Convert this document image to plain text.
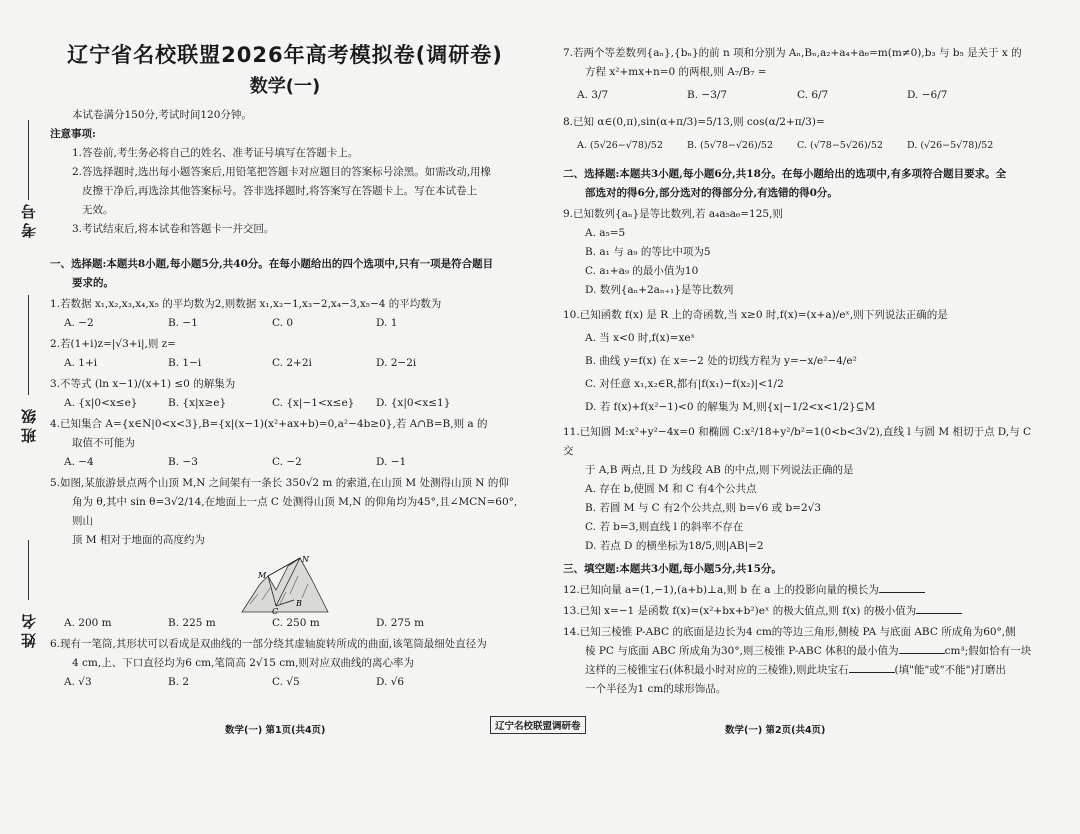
考号
班级
姓名
辽宁省名校联盟2026年高考模拟卷(调研卷)
数学(一)

本试卷满分150分,考试时间120分钟。

注意事项:

1.答卷前,考生务必将自己的姓名、准考证号填写在答题卡上。

2.答选择题时,选出每小题答案后,用铅笔把答题卡对应题目的答案标号涂黑。如需改动,用橡

皮擦干净后,再选涂其他答案标号。答非选择题时,将答案写在答题卡上。写在本试卷上

无效。

3.考试结束后,将本试卷和答题卡一并交回。

一、选择题:本题共8小题,每小题5分,共40分。在每小题给出的四个选项中,只有一项是符合题目

要求的。

1.若数据 x₁,x₂,x₃,x₄,x₅ 的平均数为2,则数据 x₁,x₂−1,x₃−2,x₄−3,x₅−4 的平均数为

A. −2	B. −1	C. 0	D. 1

2.若(1+i)z=|√3+i|,则 z=

A. 1+i	B. 1−i	C. 2+2i	D. 2−2i

3.不等式 (ln x−1)/(x+1) ≤0 的解集为

A. {x|0<x≤e}	B. {x|x≥e}	C. {x|−1<x≤e}	D. {x|0<x≤1}

4.已知集合 A={x∈N|0<x<3},B={x|(x−1)(x²+ax+b)=0,a²−4b≥0},若 A∩B=B,则 a 的

取值不可能为

A. −4	B. −3	C. −2	D. −1

5.如图,某旅游景点两个山顶 M,N 之间架有一条长 350√2 m 的索道,在山顶 M 处测得山顶 N 的仰

角为 θ,其中 sin θ=3√2/14,在地面上一点 C 处测得山顶 M,N 的仰角均为45°,且∠MCN=60°,则山

顶 M 相对于地面的高度约为

N
M
C
B
A. 200 m	B. 225 m	C. 250 m	D. 275 m

6.现有一笔筒,其形状可以看成是双曲线的一部分绕其虚轴旋转所成的曲面,该笔筒最细处直径为

4 cm,上、下口直径均为6 cm,笔筒高 2√15 cm,则对应双曲线的离心率为

A. √3	B. 2	C. √5	D. √6
数学(一) 第1页(共4页)	辽宁名校联盟调研卷

7.若两个等差数列{aₙ},{bₙ}的前 n 项和分别为 Aₙ,Bₙ,a₂+a₄+a₆=m(m≠0),b₃ 与 b₅ 是关于 x 的

方程 x²+mx+n=0 的两根,则 A₇/B₇ =

A. 3/7	B. −3/7	C. 6/7	D. −6/7

8.已知 α∈(0,π),sin(α+π/3)=5/13,则 cos(α/2+π/3)=

A. (5√26−√78)/52	B. (5√78−√26)/52	C. (√78−5√26)/52	D. (√26−5√78)/52

二、选择题:本题共3小题,每小题6分,共18分。在每小题给出的选项中,有多项符合题目要求。全

部选对的得6分,部分选对的得部分分,有选错的得0分。

9.已知数列{aₙ}是等比数列,若 a₄a₅a₆=125,则

A. a₅=5

B. a₁ 与 a₉ 的等比中项为5

C. a₁+a₉ 的最小值为10

D. 数列{aₙ+2aₙ₊₁}是等比数列

10.已知函数 f(x) 是 R 上的奇函数,当 x≥0 时,f(x)=(x+a)/eˣ,则下列说法正确的是

A. 当 x<0 时,f(x)=xeˣ

B. 曲线 y=f(x) 在 x=−2 处的切线方程为 y=−x/e²−4/e²

C. 对任意 x₁,x₂∈R,都有|f(x₁)−f(x₂)|<1/2

D. 若 f(x)+f(x²−1)<0 的解集为 M,则{x|−1/2<x<1/2}⊆M

11.已知圆 M:x²+y²−4x=0 和椭圆 C:x²/18+y²/b²=1(0<b<3√2),直线 l 与圆 M 相切于点 D,与 C 交

于 A,B 两点,且 D 为线段 AB 的中点,则下列说法正确的是

A. 存在 b,使圆 M 和 C 有4个公共点

B. 若圆 M 与 C 有2个公共点,则 b=√6 或 b=2√3

C. 若 b=3,则直线 l 的斜率不存在

D. 若点 D 的横坐标为18/5,则|AB|=2

三、填空题:本题共3小题,每小题5分,共15分。

12.已知向量 a=(1,−1),(a+b)⊥a,则 b 在 a 上的投影向量的模长为

13.已知 x=−1 是函数 f(x)=(x²+bx+b²)eˣ 的极大值点,则 f(x) 的极小值为

14.已知三棱锥 P-ABC 的底面是边长为4 cm的等边三角形,侧棱 PA 与底面 ABC 所成角为60°,侧

棱 PC 与底面 ABC 所成角为30°,则三棱锥 P-ABC 体积的最小值为	cm³;假如恰有一块

这样的三棱锥宝石(体积最小时对应的三棱锥),则此块宝石	(填"能"或"不能")打磨出

一个半径为1 cm的球形饰品。

数学(一) 第2页(共4页)
